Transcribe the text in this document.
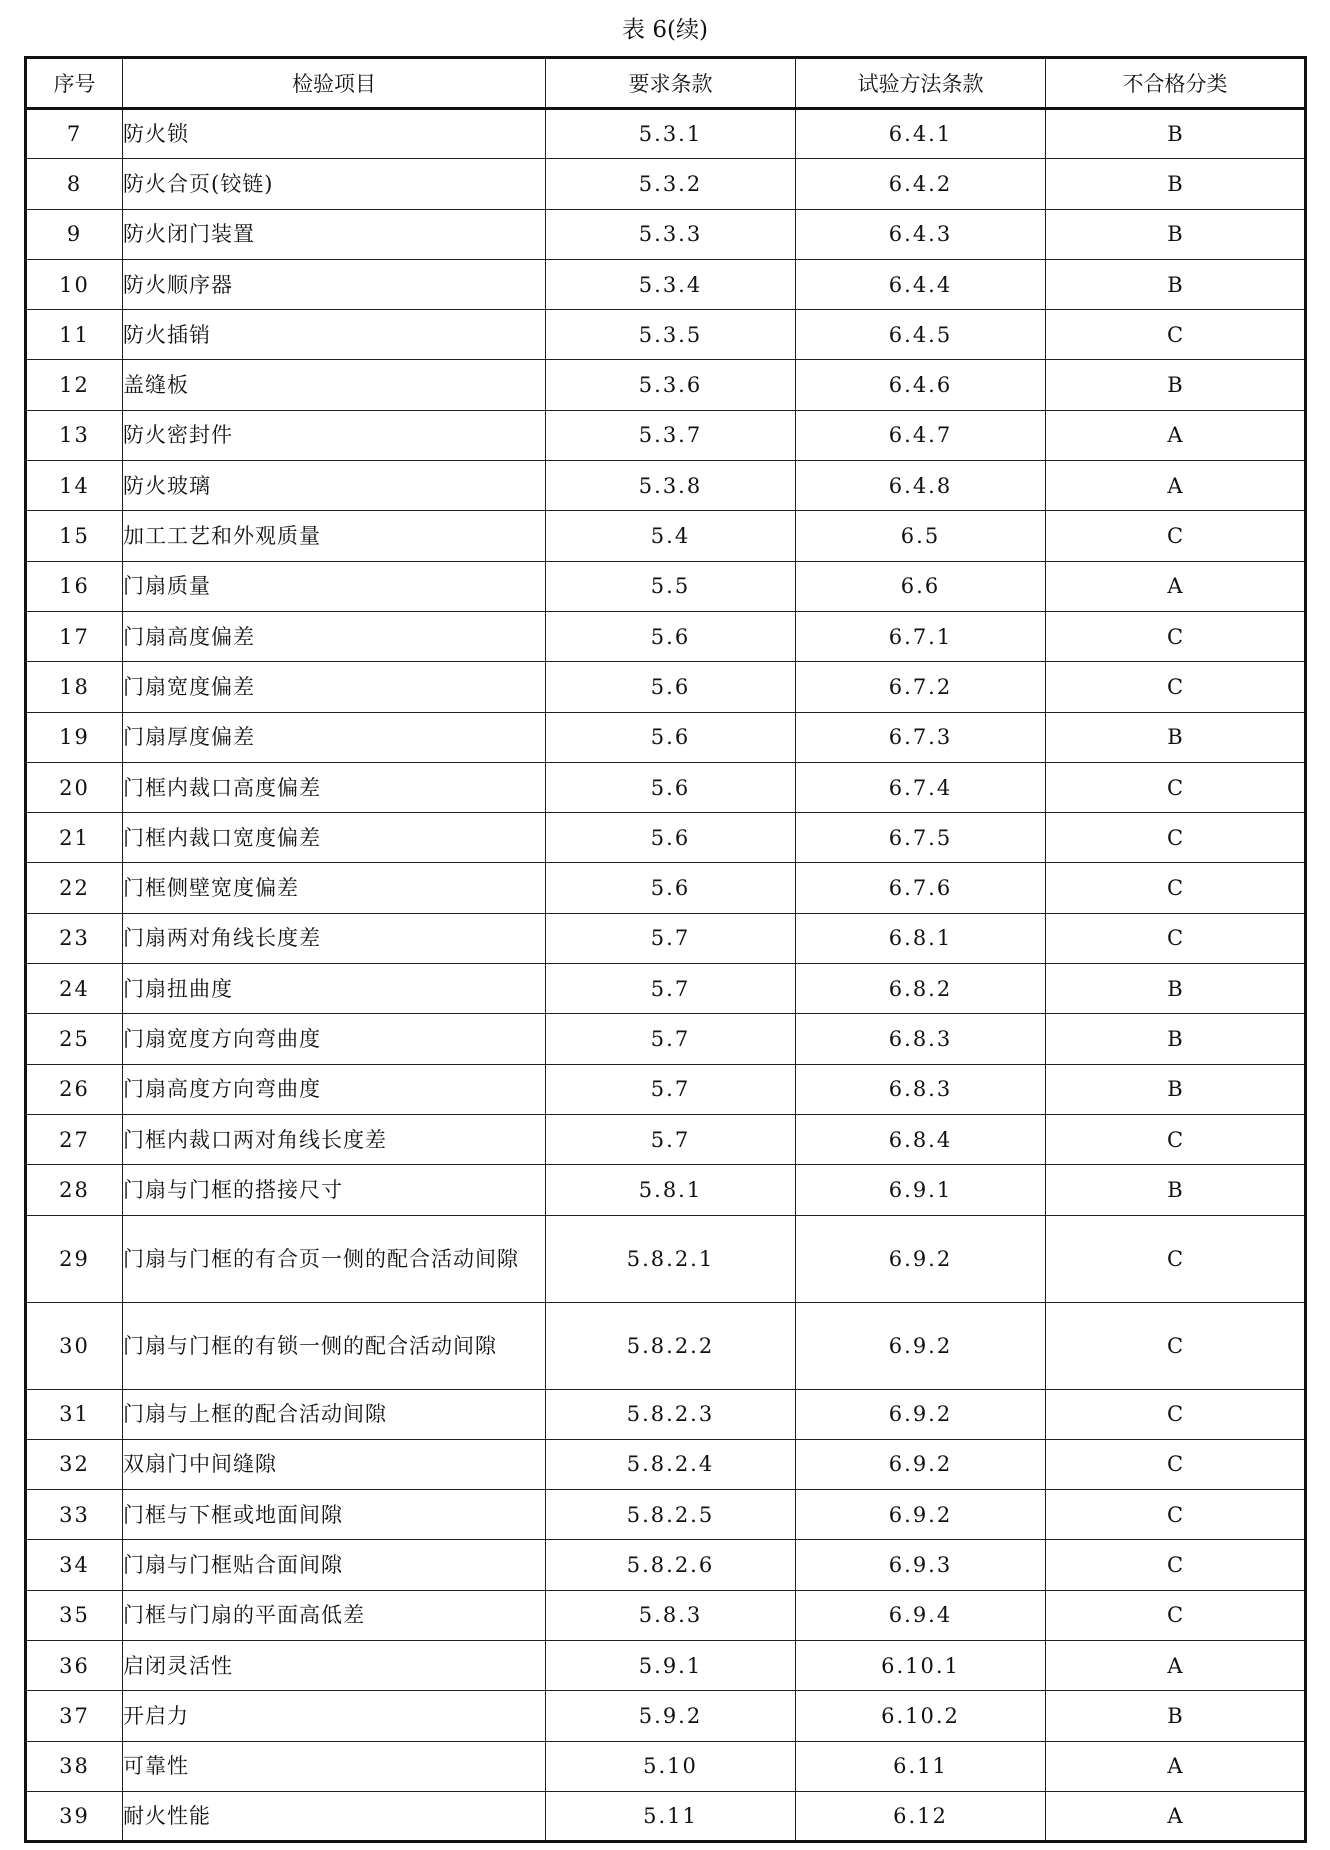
表 6(续)
序号	检验项目	要求条款	试验方法条款	不合格分类
7	防火锁	5.3.1	6.4.1	B
8	防火合页(铰链)	5.3.2	6.4.2	B
9	防火闭门装置	5.3.3	6.4.3	B
10	防火顺序器	5.3.4	6.4.4	B
11	防火插销	5.3.5	6.4.5	C
12	盖缝板	5.3.6	6.4.6	B
13	防火密封件	5.3.7	6.4.7	A
14	防火玻璃	5.3.8	6.4.8	A
15	加工工艺和外观质量	5.4	6.5	C
16	门扇质量	5.5	6.6	A
17	门扇高度偏差	5.6	6.7.1	C
18	门扇宽度偏差	5.6	6.7.2	C
19	门扇厚度偏差	5.6	6.7.3	B
20	门框内裁口高度偏差	5.6	6.7.4	C
21	门框内裁口宽度偏差	5.6	6.7.5	C
22	门框侧壁宽度偏差	5.6	6.7.6	C
23	门扇两对角线长度差	5.7	6.8.1	C
24	门扇扭曲度	5.7	6.8.2	B
25	门扇宽度方向弯曲度	5.7	6.8.3	B
26	门扇高度方向弯曲度	5.7	6.8.3	B
27	门框内裁口两对角线长度差	5.7	6.8.4	C
28	门扇与门框的搭接尺寸	5.8.1	6.9.1	B
29	门扇与门框的有合页一侧的配合活动间隙	5.8.2.1	6.9.2	C
30	门扇与门框的有锁一侧的配合活动间隙	5.8.2.2	6.9.2	C
31	门扇与上框的配合活动间隙	5.8.2.3	6.9.2	C
32	双扇门中间缝隙	5.8.2.4	6.9.2	C
33	门框与下框或地面间隙	5.8.2.5	6.9.2	C
34	门扇与门框贴合面间隙	5.8.2.6	6.9.3	C
35	门框与门扇的平面高低差	5.8.3	6.9.4	C
36	启闭灵活性	5.9.1	6.10.1	A
37	开启力	5.9.2	6.10.2	B
38	可靠性	5.10	6.11	A
39	耐火性能	5.11	6.12	A
